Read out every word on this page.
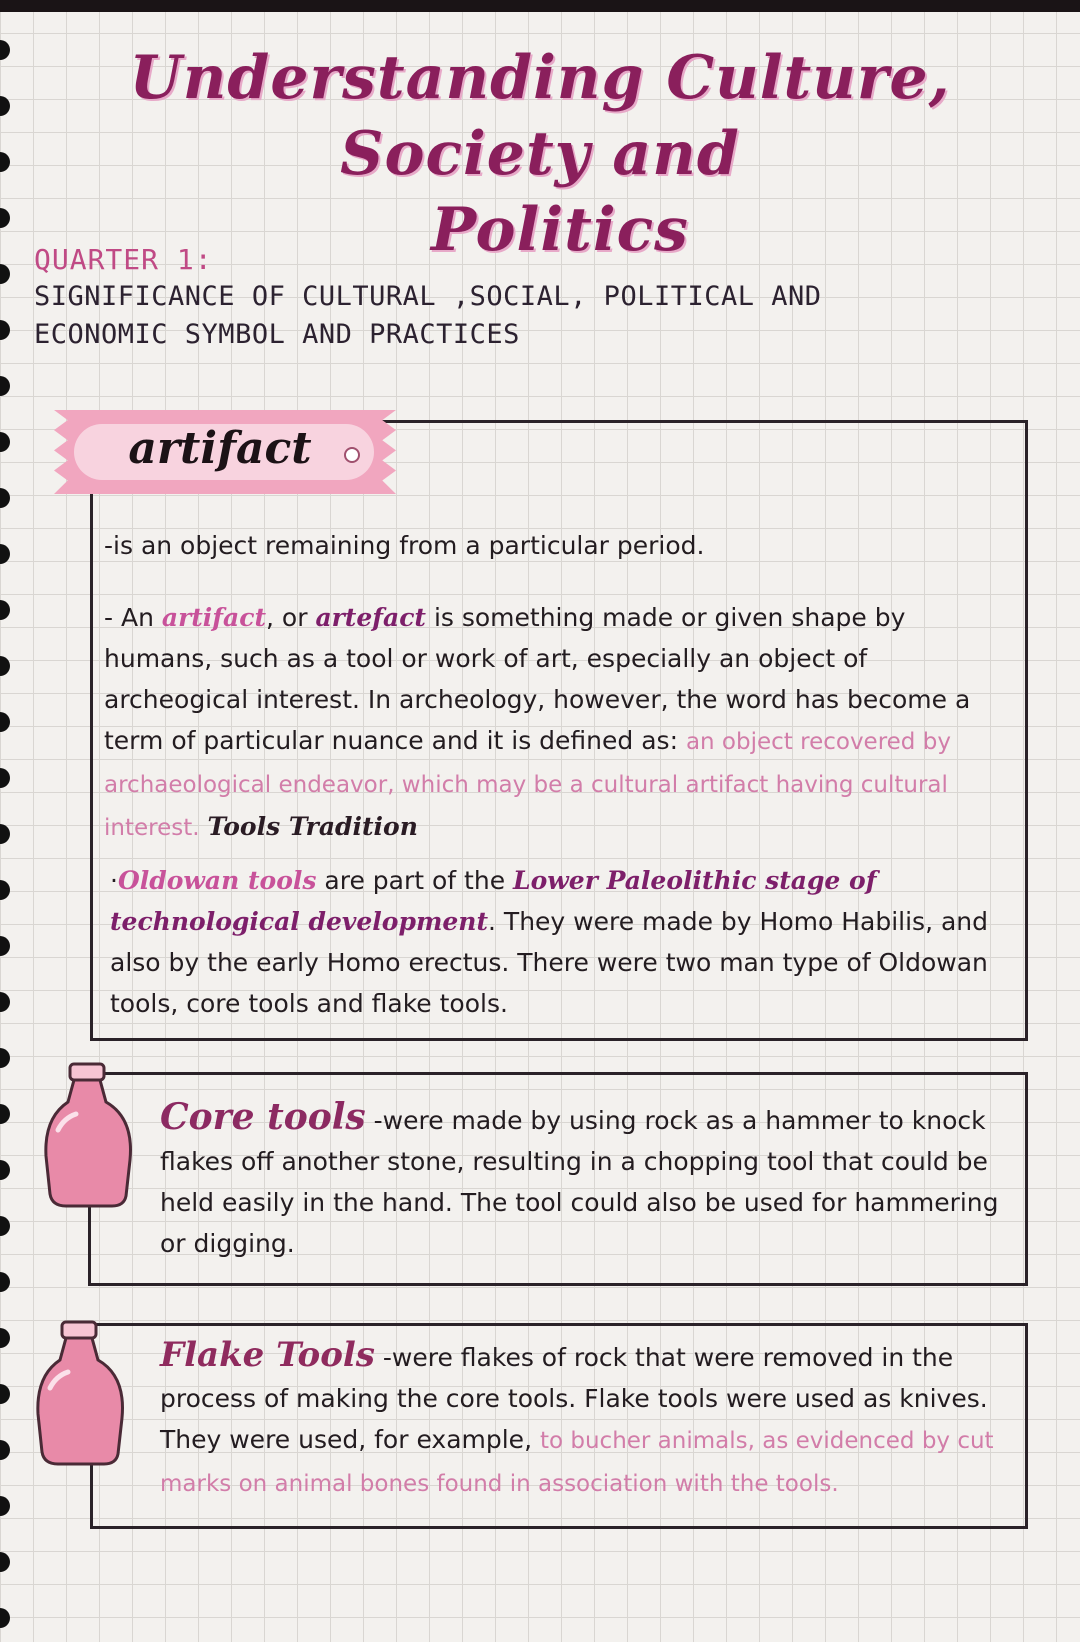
Understanding Culture, Society and
Politics
QUARTER 1:
SIGNIFICANCE OF CULTURAL ,SOCIAL, POLITICAL AND
ECONOMIC SYMBOL AND PRACTICES
artifact
-is an object remaining from a particular period.
- An artifact, or artefact is something made or given shape by humans, such as a tool or work of art, especially an object of archeogical interest. In archeology, however, the word has become a term of particular nuance and it is defined as: an object recovered by archaeological endeavor, which may be a cultural artifact having cultural interest. Tools Tradition
·Oldowan tools are part of the Lower Paleolithic stage of technological development. They were made by Homo Habilis, and also by the early Homo erectus. There were two man type of Oldowan tools, core tools and flake tools.
Core tools -were made by using rock as a hammer to knock flakes off another stone, resulting in a chopping tool that could be held easily in the hand. The tool could also be used for hammering or digging.
Flake Tools -were flakes of rock that were removed in the process of making the core tools. Flake tools were used as knives. They were used, for example, to bucher animals, as evidenced by cut marks on animal bones found in association with the tools.
